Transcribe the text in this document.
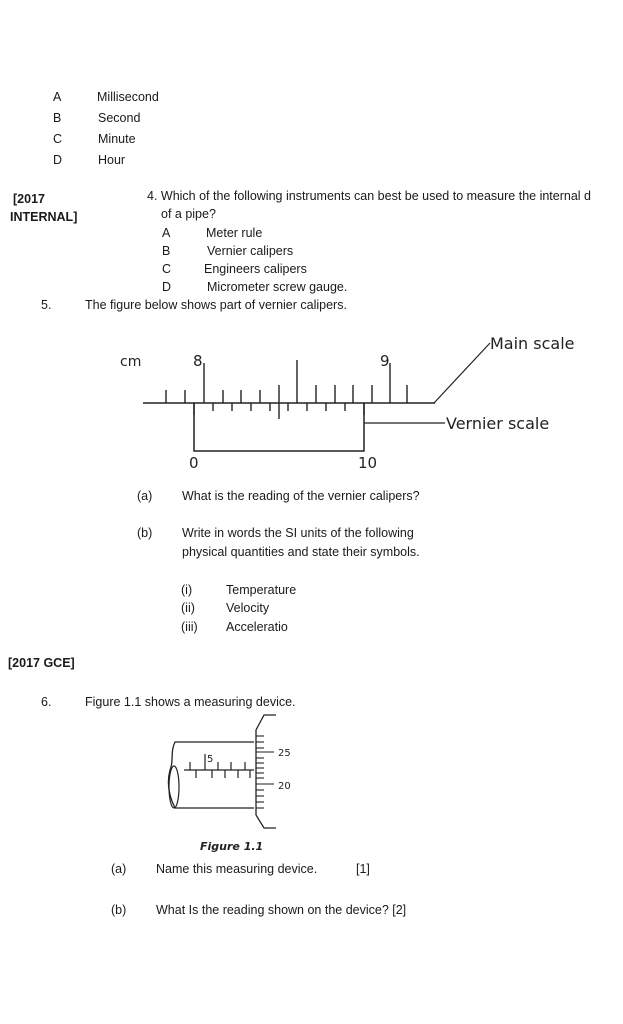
A	Millisecond
B	Second
C	Minute
D	Hour
[2017
INTERNAL]
4. Which of the following instruments can best be used to measure the internal d
of a pipe?
A	Meter rule
B	Vernier calipers
C	Engineers calipers
D	Micrometer screw gauge.
5.	The figure below shows part of vernier calipers.
cm	8	9
0	10
Main scale
Vernier scale
(a) What is the reading of the vernier calipers?
(b) Write in words the SI units of the following
physical quantities and state their symbols.
(i)	Temperature
(ii) Velocity
(iii) Acceleratio
[2017 GCE]
6.	Figure 1.1 shows a measuring device.
5
25
20
Figure 1.1
(a) Name this measuring device.	[1]
(b) What Is the reading shown on the device? [2]
